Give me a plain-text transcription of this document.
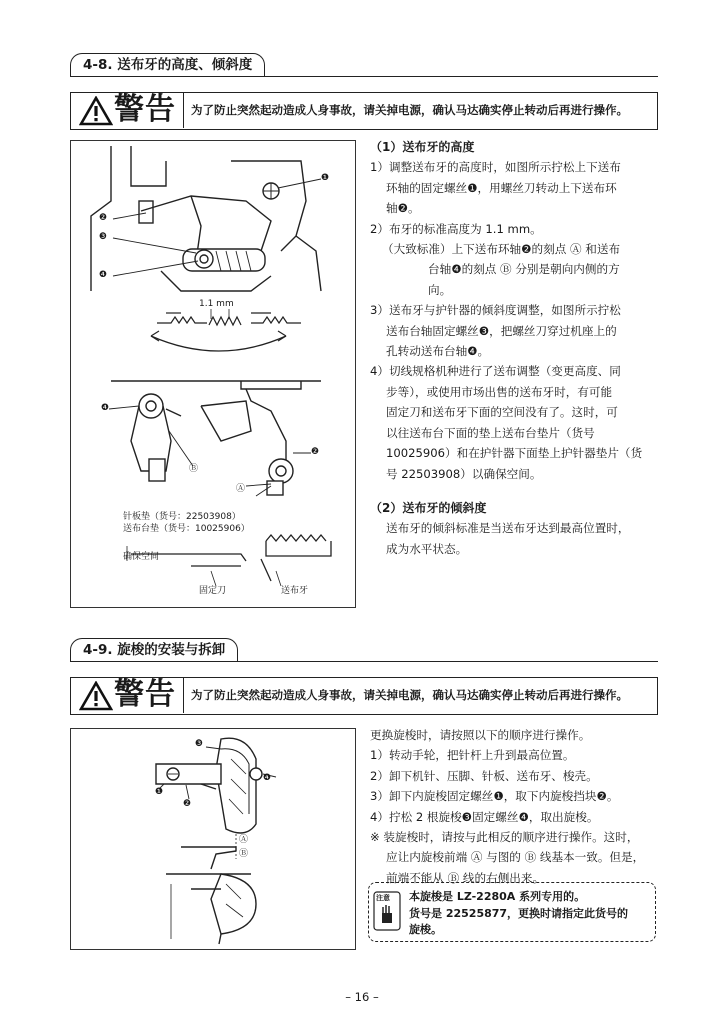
4-8. 送布牙的高度、倾斜度
警告 为了防止突然起动造成人身事故，请关掉电源，确认马达确实停止转动后再进行操作。
❶
❷
❸
❹
1.1 mm
❹
❷
Ⓑ
Ⓐ
针板垫（货号：22503908）
送布台垫（货号：10025906）
确保空间
固定刀	送布牙

（1）送布牙的高度

1）调整送布牙的高度时，如图所示拧松上下送布

环轴的固定螺丝❶，用螺丝刀转动上下送布环

轴❷。

2）布牙的标准高度为 1.1 mm。

（大致标准）上下送布环轴❷的刻点 Ⓐ 和送布

台轴❹的刻点 Ⓑ 分别是朝向内侧的方

向。

3）送布牙与护针器的倾斜度调整，如图所示拧松

送布台轴固定螺丝❸，把螺丝刀穿过机座上的

孔转动送布台轴❹。

4）切线规格机种进行了送布调整（变更高度、同

步等），或使用市场出售的送布牙时，有可能

固定刀和送布牙下面的空间没有了。这时，可

以往送布台下面的垫上送布台垫片（货号

10025906）和在护针器下面垫上护针器垫片（货

号 22503908）以确保空间。

（2）送布牙的倾斜度

送布牙的倾斜标准是当送布牙达到最高位置时，

成为水平状态。

4-9. 旋梭的安装与拆卸
警告 为了防止突然起动造成人身事故，请关掉电源，确认马达确实停止转动后再进行操作。
❸
❹
❶
❷
Ⓐ
Ⓑ

更换旋梭时，请按照以下的顺序进行操作。

1）转动手轮，把针杆上升到最高位置。

2）卸下机针、压脚、针板、送布牙、梭壳。

3）卸下内旋梭固定螺丝❶，取下内旋梭挡块❷。

4）拧松 2 根旋梭❸固定螺丝❹，取出旋梭。

※ 装旋梭时，请按与此相反的顺序进行操作。这时，

应让内旋梭前端 Ⓐ 与图的 Ⓑ 线基本一致。但是，

前端不能从 Ⓑ 线的右侧出来。

注意 本旋梭是 LZ-2280A 系列专用的。
货号是 22525877，更换时请指定此货号的
旋梭。
– 16 –
